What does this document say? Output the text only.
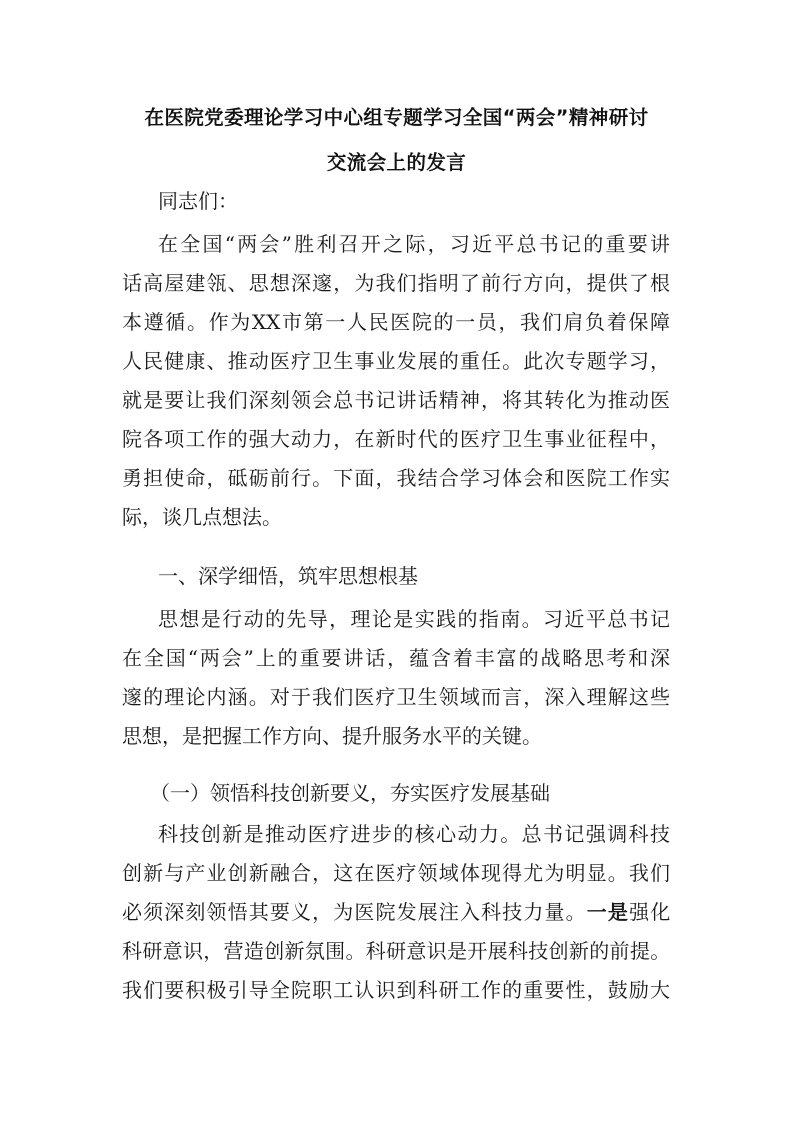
在医院党委理论学习中心组专题学习全国“两会”精神研讨
交流会上的发言
同志们：
在全国“两会”胜利召开之际，习近平总书记的重要讲
话高屋建瓴、思想深邃，为我们指明了前行方向，提供了根
本遵循。作为XX市第一人民医院的一员，我们肩负着保障
人民健康、推动医疗卫生事业发展的重任。此次专题学习，
就是要让我们深刻领会总书记讲话精神，将其转化为推动医
院各项工作的强大动力，在新时代的医疗卫生事业征程中，
勇担使命，砥砺前行。下面，我结合学习体会和医院工作实
际，谈几点想法。
一、深学细悟，筑牢思想根基
思想是行动的先导，理论是实践的指南。习近平总书记
在全国“两会”上的重要讲话，蕴含着丰富的战略思考和深
邃的理论内涵。对于我们医疗卫生领域而言，深入理解这些
思想，是把握工作方向、提升服务水平的关键。
（一）领悟科技创新要义，夯实医疗发展基础
科技创新是推动医疗进步的核心动力。总书记强调科技
创新与产业创新融合，这在医疗领域体现得尤为明显。我们
必须深刻领悟其要义，为医院发展注入科技力量。一是强化
科研意识，营造创新氛围。科研意识是开展科技创新的前提。
我们要积极引导全院职工认识到科研工作的重要性，鼓励大
